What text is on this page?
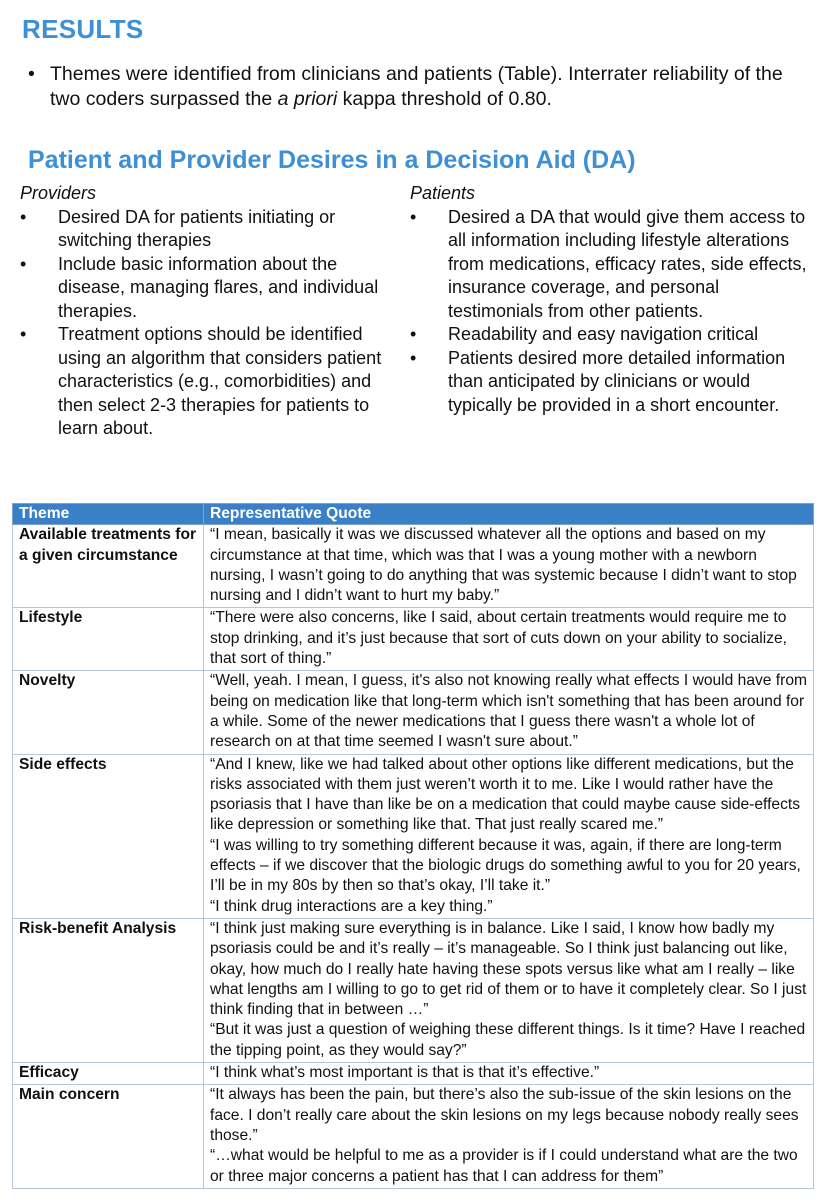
RESULTS
• Themes were identified from clinicians and patients (Table). Interrater reliability of the two coders surpassed the a priori kappa threshold of 0.80.
Patient and Provider Desires in a Decision Aid (DA)
Providers
• Desired DA for patients initiating or switching therapies
• Include basic information about the disease, managing flares, and individual therapies.
• Treatment options should be identified using an algorithm that considers patient characteristics (e.g., comorbidities) and then select 2-3 therapies for patients to learn about.
Patients
• Desired a DA that would give them access to all information including lifestyle alterations from medications, efficacy rates, side effects, insurance coverage, and personal testimonials from other patients.
• Readability and easy navigation critical
• Patients desired more detailed information than anticipated by clinicians or would typically be provided in a short encounter.
Theme	Representative Quote
Available treatments for a given circumstance	“I mean, basically it was we discussed whatever all the options and based on my circumstance at that time, which was that I was a young mother with a newborn nursing, I wasn’t going to do anything that was systemic because I didn’t want to stop nursing and I didn’t want to hurt my baby.”

Lifestyle	“There were also concerns, like I said, about certain treatments would require me to stop drinking, and it’s just because that sort of cuts down on your ability to socialize, that sort of thing.”

Novelty	“Well, yeah. I mean, I guess, it's also not knowing really what effects I would have from being on medication like that long-term which isn't something that has been around for a while. Some of the newer medications that I guess there wasn't a whole lot of research on at that time seemed I wasn't sure about.”

Side effects	“And I knew, like we had talked about other options like different medications, but the risks associated with them just weren’t worth it to me. Like I would rather have the psoriasis that I have than like be on a medication that could maybe cause side-effects like depression or something like that. That just really scared me.”
“I was willing to try something different because it was, again, if there are long-term effects – if we discover that the biologic drugs do something awful to you for 20 years, I’ll be in my 80s by then so that’s okay, I’ll take it.”
“I think drug interactions are a key thing.”

Risk-benefit Analysis	“I think just making sure everything is in balance. Like I said, I know how badly my psoriasis could be and it’s really – it’s manageable. So I think just balancing out like, okay, how much do I really hate having these spots versus like what am I really – like what lengths am I willing to go to get rid of them or to have it completely clear. So I just think finding that in between …”
“But it was just a question of weighing these different things. Is it time? Have I reached the tipping point, as they would say?”

Efficacy	“I think what’s most important is that is that it’s effective.”

Main concern	“It always has been the pain, but there’s also the sub-issue of the skin lesions on the face. I don’t really care about the skin lesions on my legs because nobody really sees those.”
“…what would be helpful to me as a provider is if I could understand what are the two or three major concerns a patient has that I can address for them”
